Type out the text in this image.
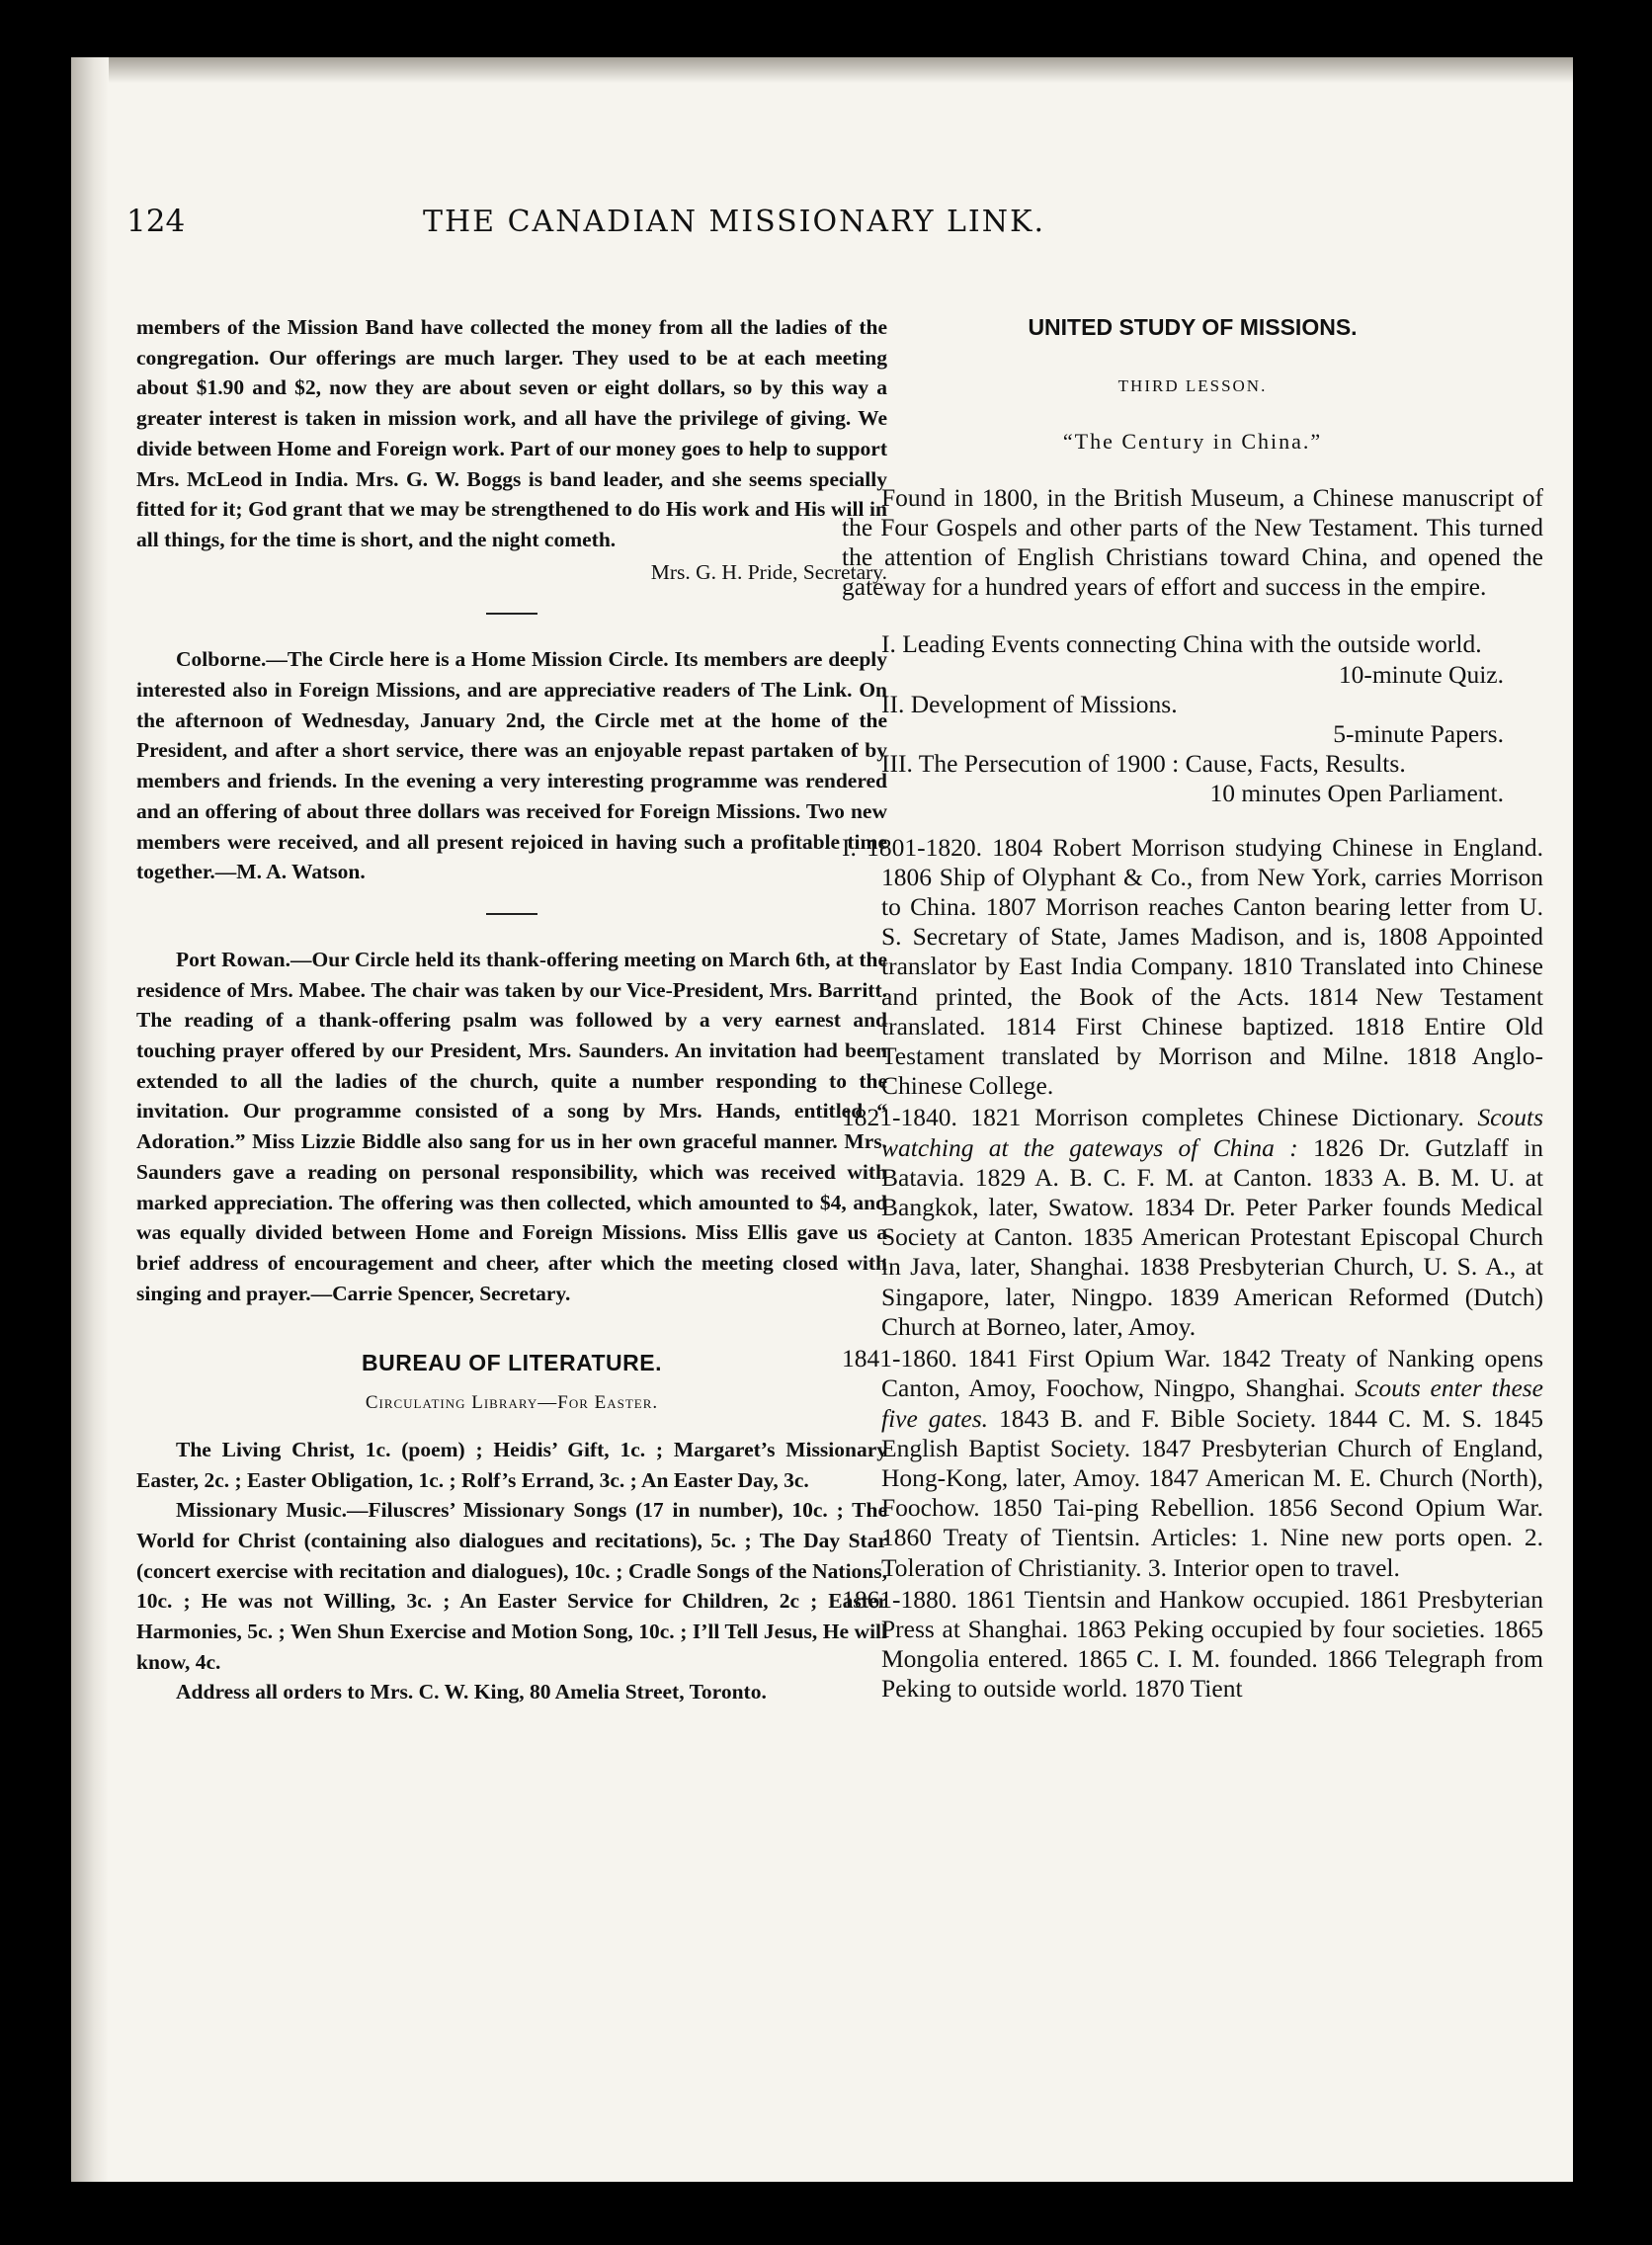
124	THE CANADIAN MISSIONARY LINK.

members of the Mission Band have collected the money from all the ladies of the congregation. Our offerings are much larger. They used to be at each meeting about $1.90 and $2, now they are about seven or eight dollars, so by this way a greater interest is taken in mission work, and all have the privilege of giving. We divide between Home and Foreign work. Part of our money goes to help to support Mrs. McLeod in India. Mrs. G. W. Boggs is band leader, and she seems specially fitted for it; God grant that we may be strengthened to do His work and His will in all things, for the time is short, and the night cometh.

Mrs. G. H. Pride, Secretary.

Colborne.—The Circle here is a Home Mission Circle. Its members are deeply interested also in Foreign Missions, and are appreciative readers of The Link. On the afternoon of Wednesday, January 2nd, the Circle met at the home of the President, and after a short service, there was an enjoyable repast partaken of by members and friends. In the evening a very interesting programme was rendered and an offering of about three dollars was received for Foreign Missions. Two new members were received, and all present rejoiced in having such a profitable time together.—M. A. Watson.

Port Rowan.—Our Circle held its thank-offering meeting on March 6th, at the residence of Mrs. Mabee. The chair was taken by our Vice-President, Mrs. Barritt. The reading of a thank-offering psalm was followed by a very earnest and touching prayer offered by our President, Mrs. Saunders. An invitation had been extended to all the ladies of the church, quite a number responding to the invitation. Our programme consisted of a song by Mrs. Hands, entitled “ Adoration.” Miss Lizzie Biddle also sang for us in her own graceful manner. Mrs. Saunders gave a reading on personal responsibility, which was received with marked appreciation. The offering was then collected, which amounted to $4, and was equally divided between Home and Foreign Missions. Miss Ellis gave us a brief address of encouragement and cheer, after which the meeting closed with singing and prayer.—Carrie Spencer, Secretary.

BUREAU OF LITERATURE.

Circulating Library—For Easter.

The Living Christ, 1c. (poem) ; Heidis’ Gift, 1c. ; Margaret’s Missionary Easter, 2c. ; Easter Obligation, 1c. ; Rolf’s Errand, 3c. ; An Easter Day, 3c.

Missionary Music.—Filuscres’ Missionary Songs (17 in number), 10c. ; The World for Christ (containing also dialogues and recitations), 5c. ; The Day Star (concert exercise with recitation and dialogues), 10c. ; Cradle Songs of the Nations, 10c. ; He was not Willing, 3c. ; An Easter Service for Children, 2c ; Easter Harmonies, 5c. ; Wen Shun Exercise and Motion Song, 10c. ; I’ll Tell Jesus, He will know, 4c.

Address all orders to Mrs. C. W. King, 80 Amelia Street, Toronto.

UNITED STUDY OF MISSIONS.

THIRD LESSON.

“The Century in China.”

Found in 1800, in the British Museum, a Chinese manuscript of the Four Gospels and other parts of the New Testament. This turned the attention of English Christians toward China, and opened the gateway for a hundred years of effort and success in the empire.

I. Leading Events connecting China with the outside world.

10-minute Quiz.

II. Development of Missions.

5-minute Papers.

III. The Persecution of 1900 : Cause, Facts, Results.

10 minutes Open Parliament.

I. 1801-1820. 1804 Robert Morrison studying Chinese in England. 1806 Ship of Olyphant & Co., from New York, carries Morrison to China. 1807 Morrison reaches Canton bearing letter from U. S. Secretary of State, James Madison, and is, 1808 Appointed translator by East India Company. 1810 Translated into Chinese and printed, the Book of the Acts. 1814 New Testament translated. 1814 First Chinese baptized. 1818 Entire Old Testament translated by Morrison and Milne. 1818 Anglo-Chinese College.

1821-1840. 1821 Morrison completes Chinese Dictionary. Scouts watching at the gateways of China : 1826 Dr. Gutzlaff in Batavia. 1829 A. B. C. F. M. at Canton. 1833 A. B. M. U. at Bangkok, later, Swatow. 1834 Dr. Peter Parker founds Medical Society at Canton. 1835 American Protestant Episcopal Church in Java, later, Shanghai. 1838 Presbyterian Church, U. S. A., at Singapore, later, Ningpo. 1839 American Reformed (Dutch) Church at Borneo, later, Amoy.

1841-1860. 1841 First Opium War. 1842 Treaty of Nanking opens Canton, Amoy, Foochow, Ningpo, Shanghai. Scouts enter these five gates. 1843 B. and F. Bible Society. 1844 C. M. S. 1845 English Baptist Society. 1847 Presbyterian Church of England, Hong-Kong, later, Amoy. 1847 American M. E. Church (North), Foochow. 1850 Tai-ping Rebellion. 1856 Second Opium War. 1860 Treaty of Tientsin. Articles: 1. Nine new ports open. 2. Toleration of Christianity. 3. Interior open to travel.

1861-1880. 1861 Tientsin and Hankow occupied. 1861 Presbyterian Press at Shanghai. 1863 Peking occupied by four societies. 1865 Mongolia entered. 1865 C. I. M. founded. 1866 Telegraph from Peking to outside world. 1870 Tient
